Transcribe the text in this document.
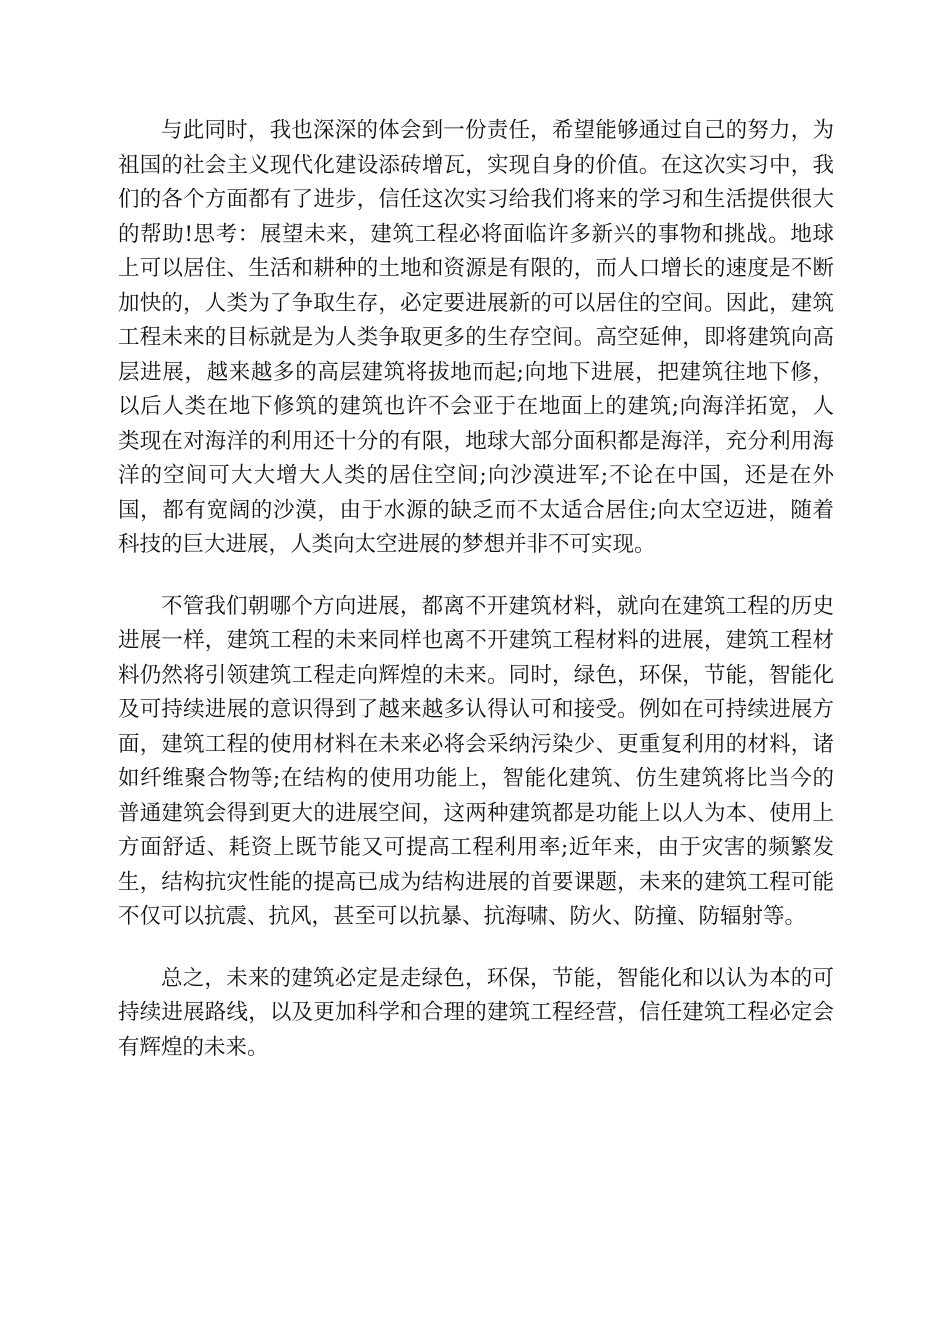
与此同时，我也深深的体会到一份责任，希望能够通过自己的努力，为祖国的社会主义现代化建设添砖增瓦，实现自身的价值。在这次实习中，我们的各个方面都有了进步，信任这次实习给我们将来的学习和生活提供很大的帮助!思考：展望未来，建筑工程必将面临许多新兴的事物和挑战。地球上可以居住、生活和耕种的土地和资源是有限的，而人口增长的速度是不断加快的，人类为了争取生存，必定要进展新的可以居住的空间。因此，建筑工程未来的目标就是为人类争取更多的生存空间。高空延伸，即将建筑向高层进展，越来越多的高层建筑将拔地而起;向地下进展，把建筑往地下修，以后人类在地下修筑的建筑也许不会亚于在地面上的建筑;向海洋拓宽，人类现在对海洋的利用还十分的有限，地球大部分面积都是海洋，充分利用海洋的空间可大大增大人类的居住空间;向沙漠进军;不论在中国，还是在外国，都有宽阔的沙漠，由于水源的缺乏而不太适合居住;向太空迈进，随着科技的巨大进展，人类向太空进展的梦想并非不可实现。

不管我们朝哪个方向进展，都离不开建筑材料，就向在建筑工程的历史进展一样，建筑工程的未来同样也离不开建筑工程材料的进展，建筑工程材料仍然将引领建筑工程走向辉煌的未来。同时，绿色，环保，节能，智能化及可持续进展的意识得到了越来越多认得认可和接受。例如在可持续进展方面，建筑工程的使用材料在未来必将会采纳污染少、更重复利用的材料，诸如纤维聚合物等;在结构的使用功能上，智能化建筑、仿生建筑将比当今的普通建筑会得到更大的进展空间，这两种建筑都是功能上以人为本、使用上方面舒适、耗资上既节能又可提高工程利用率;近年来，由于灾害的频繁发生，结构抗灾性能的提高已成为结构进展的首要课题，未来的建筑工程可能不仅可以抗震、抗风，甚至可以抗暴、抗海啸、防火、防撞、防辐射等。

总之，未来的建筑必定是走绿色，环保，节能，智能化和以认为本的可持续进展路线，以及更加科学和合理的建筑工程经营，信任建筑工程必定会有辉煌的未来。
